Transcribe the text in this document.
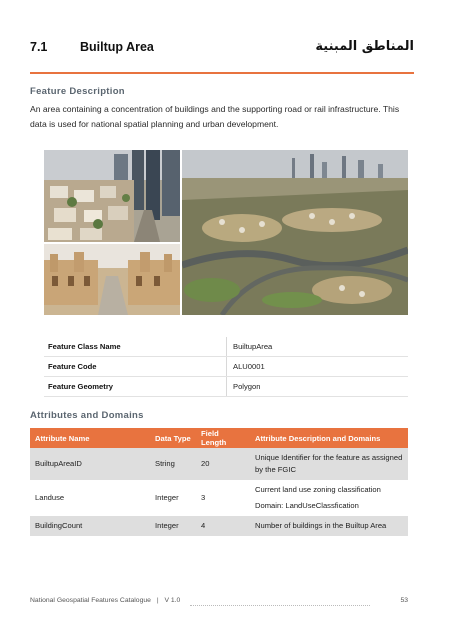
7.1	Builtup Area	المناطق المبنية
Feature Description
An area containing a concentration of buildings and the supporting road or rail infrastructure. This data is used for national spatial planning and urban development.
Feature Class Name	BuiltupArea
Feature Code	ALU0001
Feature Geometry	Polygon
Attributes and Domains
Attribute Name	Data Type	Field Length	Attribute Description and Domains
BuiltupAreaID	String	20	Unique Identifier for the feature as assigned by the FGIC
Landuse	Integer	3	Current land use zoning classification
Domain: LandUseClassfication

BuildingCount	Integer	4	Number of buildings in the Builtup Area
National Geospatial Features Catalogue | V 1.0	53
